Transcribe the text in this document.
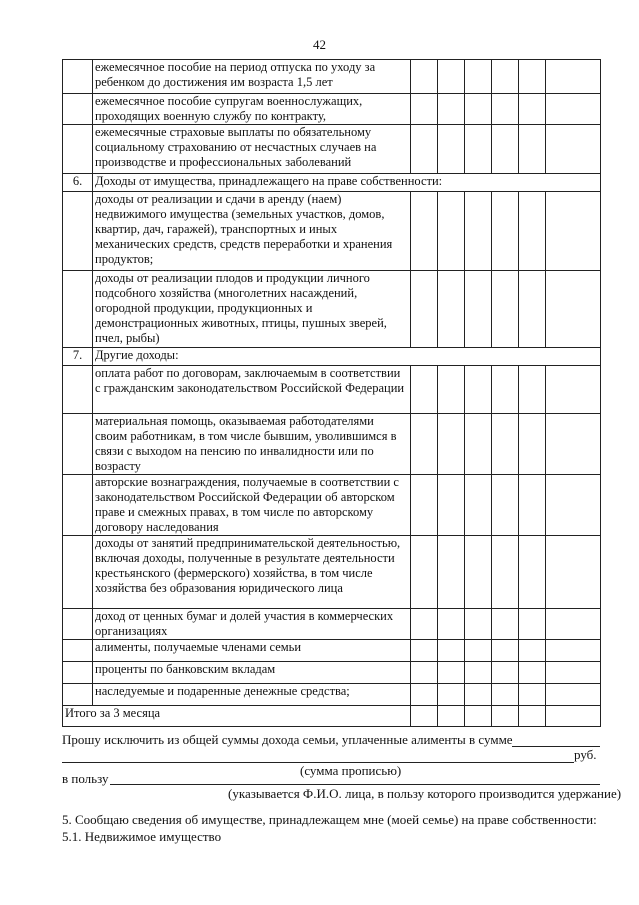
42
	ежемесячное пособие на период отпуска по уходу за ребенком до достижения им возраста 1,5 лет						
	ежемесячное пособие супругам военнослужащих, проходящих военную службу по контракту,						
	ежемесячные страховые выплаты по обязательному социальному страхованию от несчастных случаев на производстве и профессиональных заболеваний						
6.	Доходы от имущества, принадлежащего на праве собственности:						
	доходы от реализации и сдачи в аренду (наем) недвижимого имущества (земельных участков, домов, квартир, дач, гаражей), транспортных и иных механических средств, средств переработки и хранения продуктов;						
	доходы от реализации плодов и продукции личного подсобного хозяйства (многолетних насаждений, огородной продукции, продукционных и демонстрационных животных, птицы, пушных зверей, пчел, рыбы)						
7.	Другие доходы:						
	оплата работ по договорам, заключаемым в соответствии с гражданским законодательством Российской Федерации						
	материальная помощь, оказываемая работодателями своим работникам, в том числе бывшим, уволившимся в связи с выходом на пенсию по инвалидности или по возрасту						
	авторские вознаграждения, получаемые в соответствии с законодательством Российской Федерации об авторском праве и смежных правах, в том числе по авторскому договору наследования						
	доходы от занятий предпринимательской деятельностью, включая доходы, полученные в результате деятельности крестьянского (фермерского) хозяйства, в том числе хозяйства без образования юридического лица						
	доход от ценных бумаг и долей участия в коммерческих организациях						
	алименты, получаемые членами семьи						
	проценты по банковским вкладам						
	наследуемые и подаренные денежные средства;						
Итого за 3 месяца							
Прошу исключить из общей суммы дохода семьи, уплаченные алименты в сумме
руб.
(сумма прописью)
в пользу
(указывается Ф.И.О. лица, в пользу которого производится удержание)
5. Сообщаю сведения об имуществе, принадлежащем мне (моей семье) на праве собственности:
5.1. Недвижимое имущество
